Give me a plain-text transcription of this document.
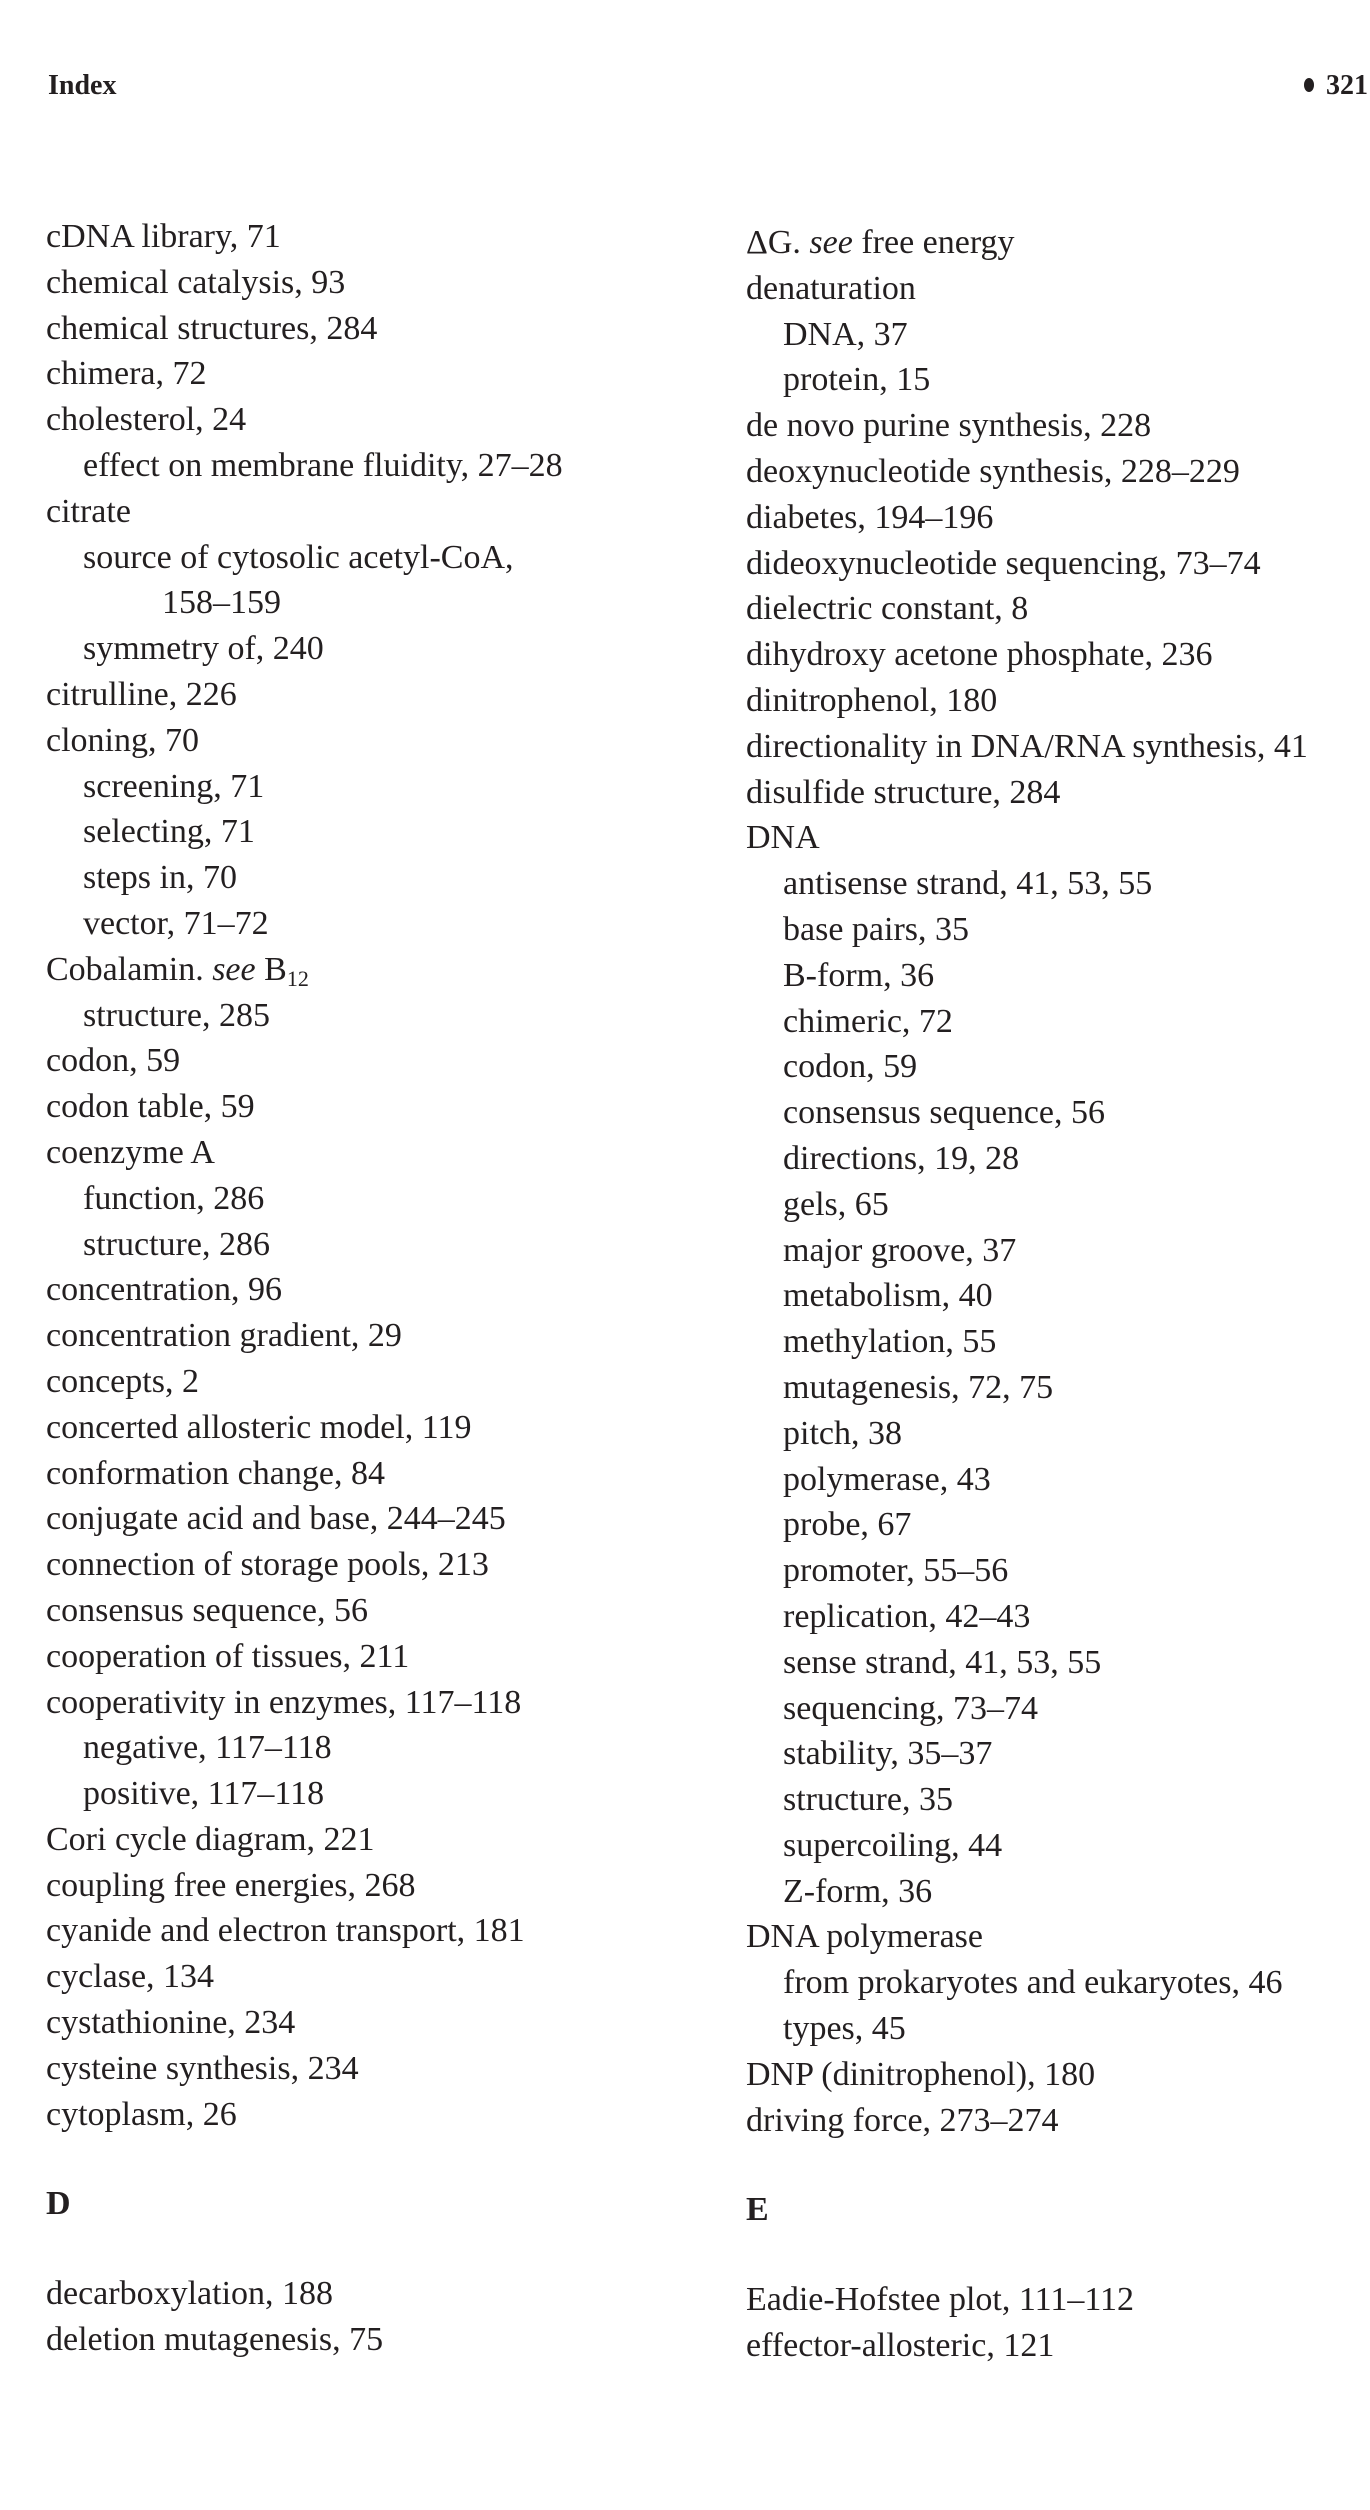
Index	321
cDNA library, 71
chemical catalysis, 93
chemical structures, 284
chimera, 72
cholesterol, 24
effect on membrane fluidity, 27–28
citrate
source of cytosolic acetyl-CoA,
158–159
symmetry of, 240
citrulline, 226
cloning, 70
screening, 71
selecting, 71
steps in, 70
vector, 71–72
Cobalamin. see $B_{12}$
structure, 285
codon, 59
codon table, 59
coenzyme A
function, 286
structure, 286
concentration, 96
concentration gradient, 29
concepts, 2
concerted allosteric model, 119
conformation change, 84
conjugate acid and base, 244–245
connection of storage pools, 213
consensus sequence, 56
cooperation of tissues, 211
cooperativity in enzymes, 117–118
negative, 117–118
positive, 117–118
Cori cycle diagram, 221
coupling free energies, 268
cyanide and electron transport, 181
cyclase, 134
cystathionine, 234
cysteine synthesis, 234
cytoplasm, 26
D
decarboxylation, 188
deletion mutagenesis, 75
ΔG. see free energy
denaturation
DNA, 37
protein, 15
de novo purine synthesis, 228
deoxynucleotide synthesis, 228–229
diabetes, 194–196
dideoxynucleotide sequencing, 73–74
dielectric constant, 8
dihydroxy acetone phosphate, 236
dinitrophenol, 180
directionality in DNA/RNA synthesis, 41
disulfide structure, 284
DNA
antisense strand, 41, 53, 55
base pairs, 35
B-form, 36
chimeric, 72
codon, 59
consensus sequence, 56
directions, 19, 28
gels, 65
major groove, 37
metabolism, 40
methylation, 55
mutagenesis, 72, 75
pitch, 38
polymerase, 43
probe, 67
promoter, 55–56
replication, 42–43
sense strand, 41, 53, 55
sequencing, 73–74
stability, 35–37
structure, 35
supercoiling, 44
Z-form, 36
DNA polymerase
from prokaryotes and eukaryotes, 46
types, 45
DNP (dinitrophenol), 180
driving force, 273–274
E
Eadie-Hofstee plot, 111–112
effector-allosteric, 121
